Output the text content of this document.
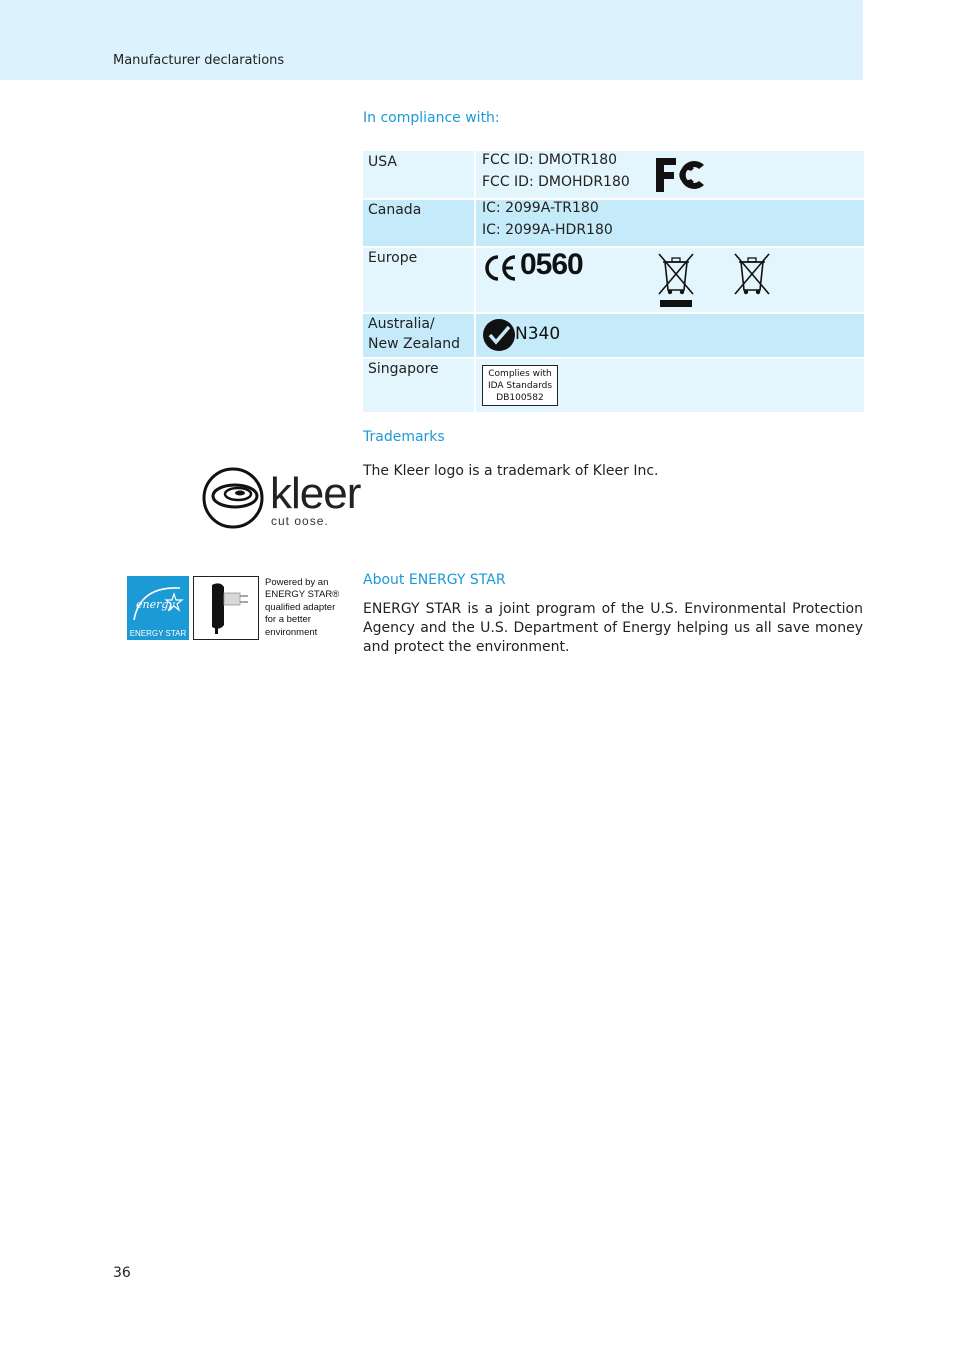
Manufacturer declarations
In compliance with:
USA	FCC ID: DMOTR180
FCC ID: DMOHDR180
Canada	IC: 2099A-TR180
IC: 2099A-HDR180
Europe	0560
Australia/
New Zealand	N340
Singapore	Complies with
IDA Standards
DB100582
Trademarks
The Kleer logo is a trademark of Kleer Inc.
kleer
cut oose.
energy
ENERGY STAR
Powered by an
ENERGY STAR®
qualified adapter
for a better
environment
About ENERGY STAR
ENERGY STAR is a joint program of the U.S. Environmental Protection Agency and the U.S. Department of Energy helping us all save money and protect the environment.
36
